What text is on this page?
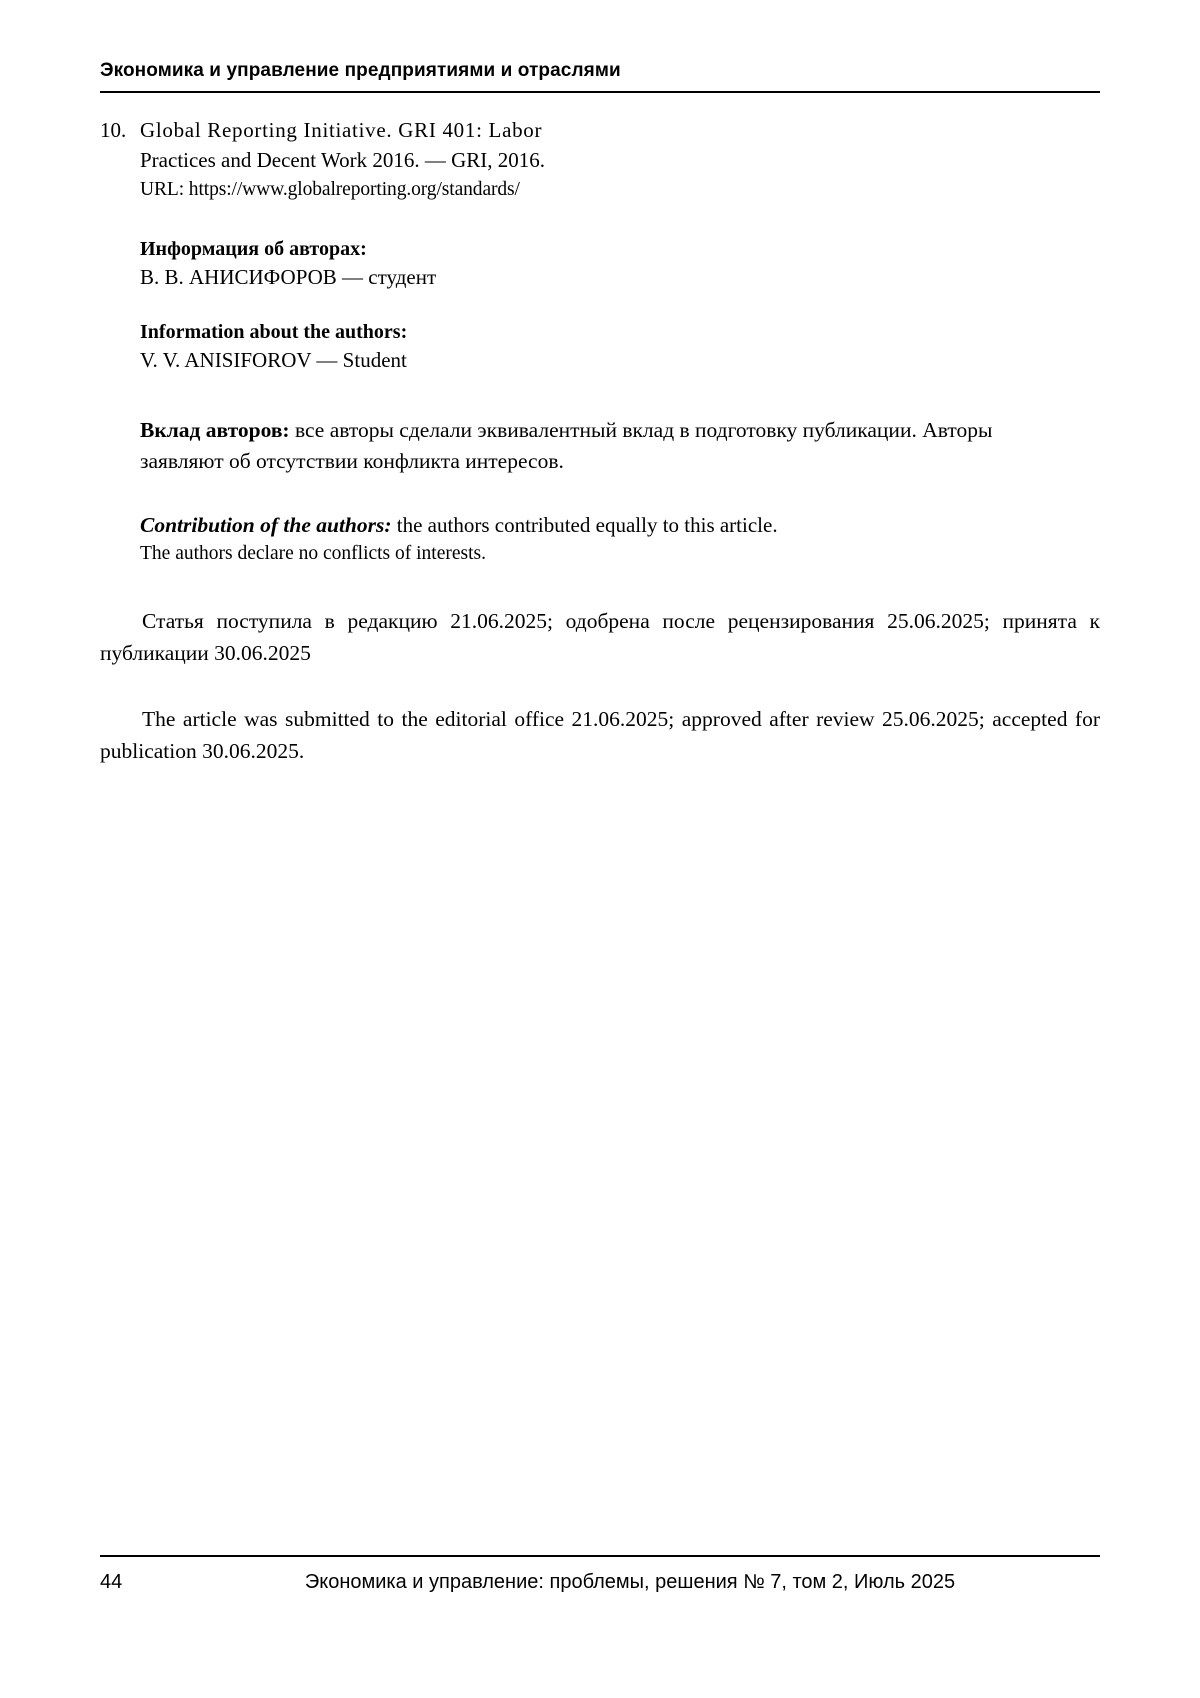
Экономика и управление предприятиями и отраслями
10. Global Reporting Initiative. GRI 401: Labor
Practices and Decent Work 2016. — GRI, 2016.
URL: https://www.globalreporting.org/standards/
Информация об авторах:
В. В. АНИСИФОРОВ — студент
Information about the authors:
V. V. ANISIFOROV — Student
Вклад авторов: все авторы сделали эквивалентный вклад в подготовку публикации. Авторы заявляют об отсутствии конфликта интересов.
Contribution of the authors: the authors contributed equally to this article.
The authors declare no conflicts of interests.
Статья поступила в редакцию 21.06.2025; одобрена после рецензирования 25.06.2025; принята к публикации 30.06.2025
The article was submitted to the editorial office 21.06.2025; approved after review 25.06.2025; accepted for publication 30.06.2025.
44	Экономика и управление: проблемы, решения № 7, том 2, Июль 2025
